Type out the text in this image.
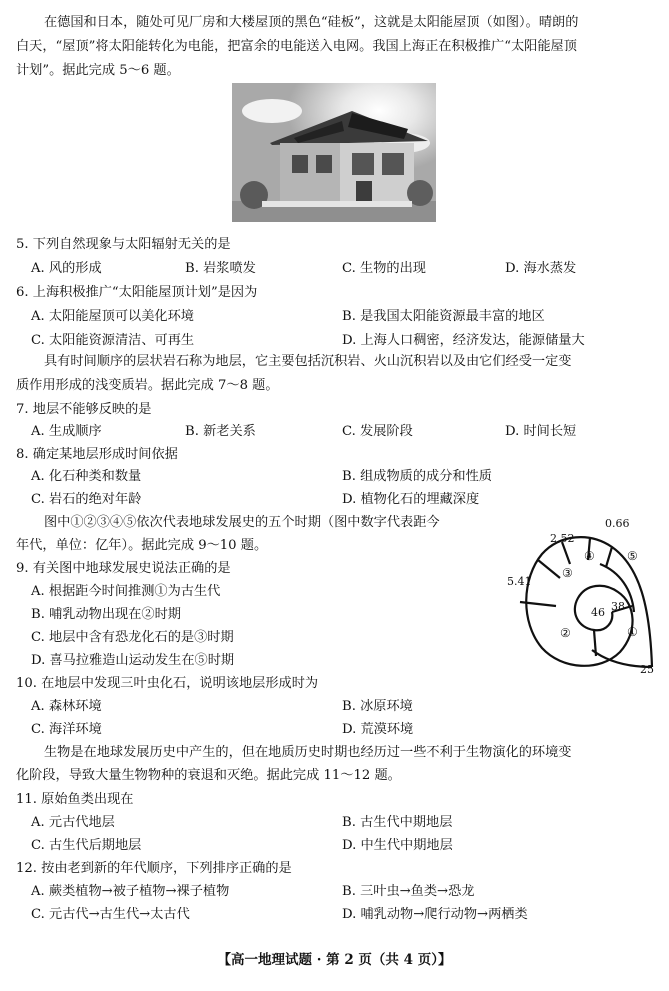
在德国和日本，随处可见厂房和大楼屋顶的黑色“硅板”，这就是太阳能屋顶（如图）。晴朗的
白天，“屋顶”将太阳能转化为电能，把富余的电能送入电网。我国上海正在积极推广“太阳能屋顶
计划”。据此完成 5～6 题。
5. 下列自然现象与太阳辐射无关的是
A. 风的形成	B. 岩浆喷发	C. 生物的出现	D. 海水蒸发
6. 上海积极推广“太阳能屋顶计划”是因为
A. 太阳能屋顶可以美化环境	B. 是我国太阳能资源最丰富的地区
C. 太阳能资源清洁、可再生	D. 上海人口稠密，经济发达，能源储量大
具有时间顺序的层状岩石称为地层，它主要包括沉积岩、火山沉积岩以及由它们经受一定变
质作用形成的浅变质岩。据此完成 7～8 题。
7. 地层不能够反映的是
A. 生成顺序	B. 新老关系	C. 发展阶段	D. 时间长短
8. 确定某地层形成时间依据
A. 化石种类和数量	B. 组成物质的成分和性质
C. 岩石的绝对年龄	D. 植物化石的埋藏深度
图中①②③④⑤依次代表地球发展史的五个时期（图中数字代表距今
年代，单位：亿年）。据此完成 9～10 题。
0.66
2.52
5.41
46 38
25
①
②
③
④	⑤
9. 有关图中地球发展史说法正确的是
A. 根据距今时间推测①为古生代
B. 哺乳动物出现在②时期
C. 地层中含有恐龙化石的是③时期
D. 喜马拉雅造山运动发生在⑤时期
10. 在地层中发现三叶虫化石，说明该地层形成时为
A. 森林环境	B. 冰原环境
C. 海洋环境	D. 荒漠环境
生物是在地球发展历史中产生的，但在地质历史时期也经历过一些不利于生物演化的环境变
化阶段，导致大量生物物种的衰退和灭绝。据此完成 11～12 题。
11. 原始鱼类出现在
A. 元古代地层	B. 古生代中期地层
C. 古生代后期地层	D. 中生代中期地层
12. 按由老到新的年代顺序，下列排序正确的是
A. 蕨类植物→被子植物→裸子植物	B. 三叶虫→鱼类→恐龙
C. 元古代→古生代→太古代	D. 哺乳动物→爬行动物→两栖类
【高一地理试题 · 第 2 页（共 4 页）】
